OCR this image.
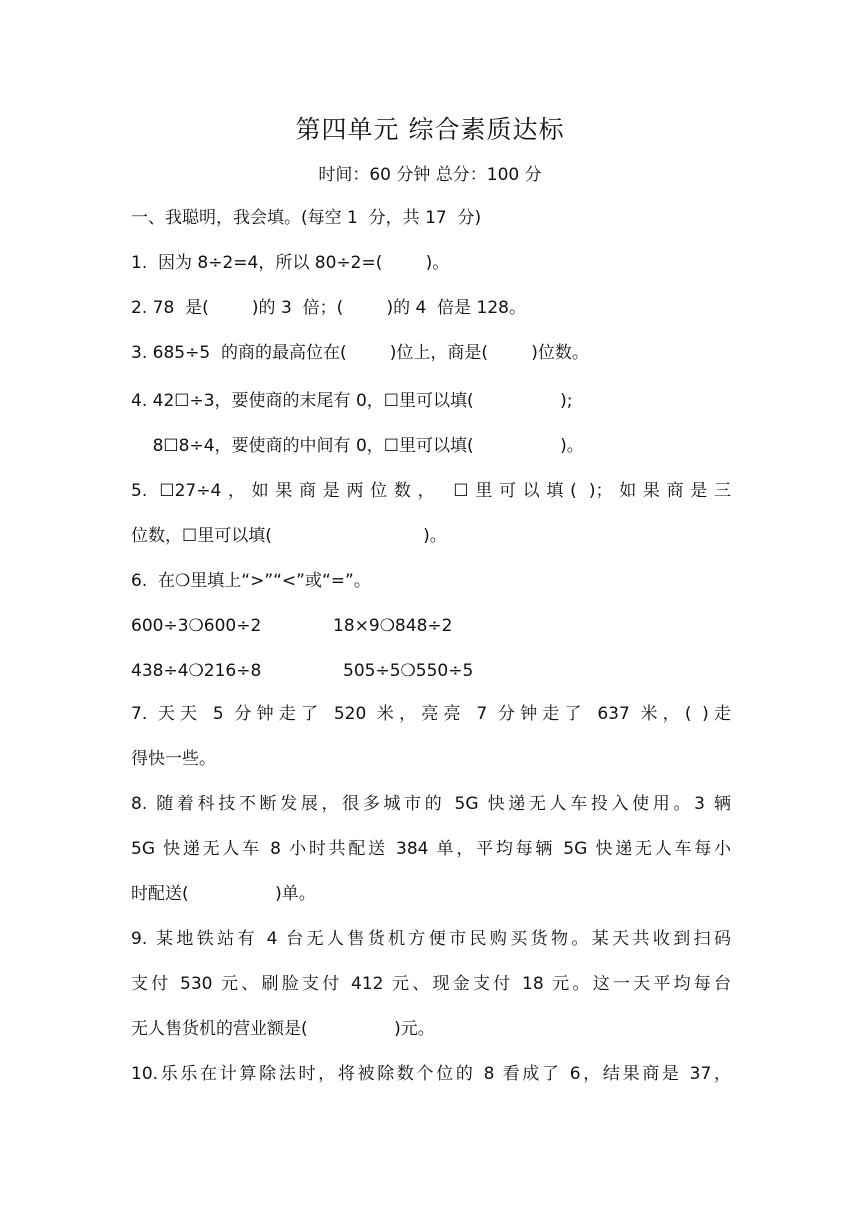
第四单元 综合素质达标
时间：60 分钟 总分：100 分
一、我聪明，我会填。(每空 1  分，共 17  分)
1.  因为 8÷2=4，所以 80÷2=(        )。
2. 78  是(        )的 3  倍；(        )的 4  倍是 128。
3. 685÷5  的商的最高位在(        )位上，商是(        )位数。
4. 42☐÷3，要使商的末尾有 0，☐里可以填(                );
8☐8÷4，要使商的中间有 0，☐里可以填(                )。
5. ☐27÷4，如果商是两位数， ☐里可以填( )；如果商是三
位数，☐里可以填(                            )。
6.  在❍里填上“>”“<”或“=”。
600÷3❍600÷2	18×9❍848÷2
438÷4❍216÷8	505÷5❍550÷5
7. 天天 5 分钟走了 520 米，亮亮 7 分钟走了 637 米，( )走
得快一些。
8. 随着科技不断发展，很多城市的 5G 快递无人车投入使用。3 辆
5G 快递无人车 8 小时共配送 384 单，平均每辆 5G 快递无人车每小
时配送(                )单。
9. 某地铁站有 4 台无人售货机方便市民购买货物。某天共收到扫码
支付 530 元、刷脸支付 412 元、现金支付 18 元。这一天平均每台
无人售货机的营业额是(                )元。
10.乐乐在计算除法时，将被除数个位的 8 看成了 6，结果商是 37，
